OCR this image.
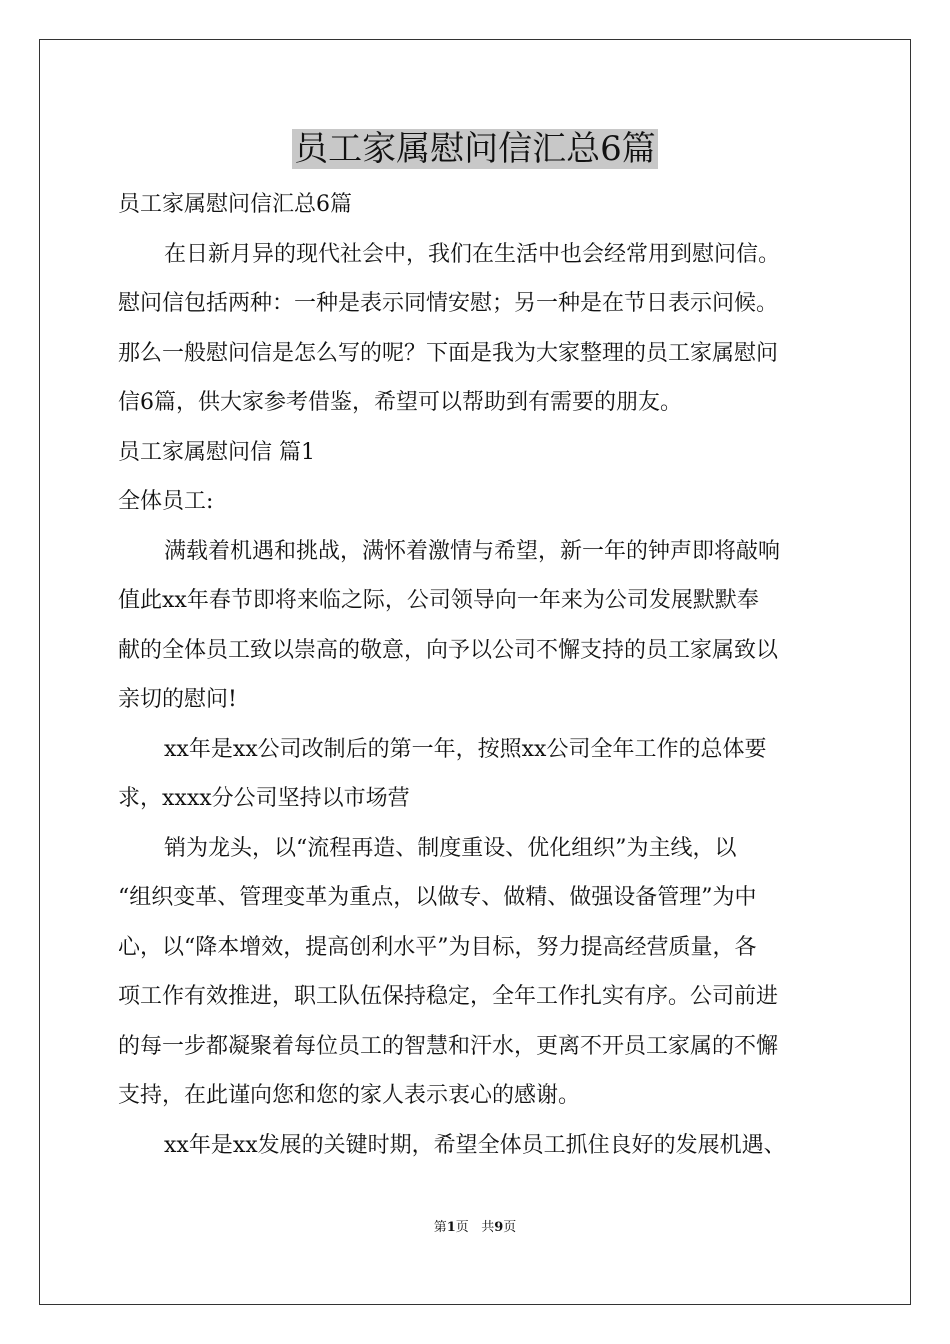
员工家属慰问信汇总6篇

员工家属慰问信汇总6篇

在日新月异的现代社会中，我们在生活中也会经常用到慰问信。

慰问信包括两种：一种是表示同情安慰；另一种是在节日表示问候。

那么一般慰问信是怎么写的呢？下面是我为大家整理的员工家属慰问

信6篇，供大家参考借鉴，希望可以帮助到有需要的朋友。

员工家属慰问信 篇1

全体员工:

满载着机遇和挑战，满怀着激情与希望，新一年的钟声即将敲响

值此xx年春节即将来临之际，公司领导向一年来为公司发展默默奉

献的全体员工致以崇高的敬意，向予以公司不懈支持的员工家属致以

亲切的慰问!

xx年是xx公司改制后的第一年，按照xx公司全年工作的总体要

求，xxxx分公司坚持以市场营

销为龙头，以“流程再造、制度重设、优化组织”为主线，以

“组织变革、管理变革为重点，以做专、做精、做强设备管理”为中

心，以“降本增效，提高创利水平”为目标，努力提高经营质量，各

项工作有效推进，职工队伍保持稳定，全年工作扎实有序。公司前进

的每一步都凝聚着每位员工的智慧和汗水，更离不开员工家属的不懈

支持，在此谨向您和您的家人表示衷心的感谢。

xx年是xx发展的关键时期，希望全体员工抓住良好的发展机遇、

第1页 共9页
